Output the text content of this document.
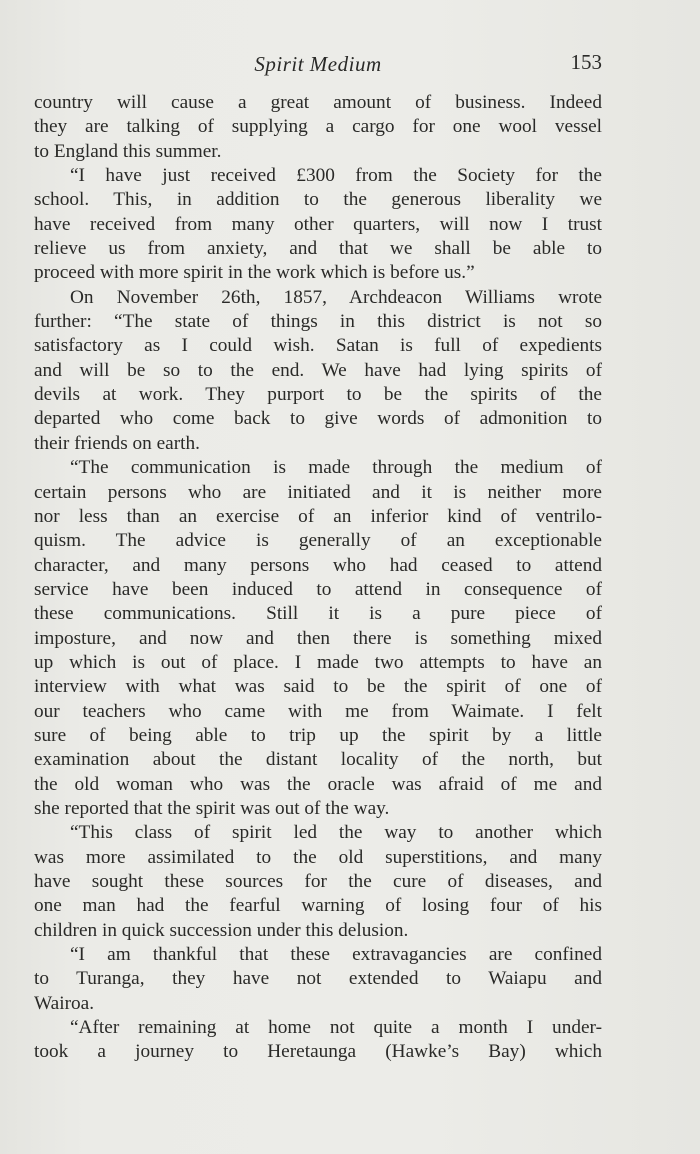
Spirit Medium	153
country will cause a great amount of business. Indeed
they are talking of supplying a cargo for one wool vessel
to England this summer.
“I have just received £300 from the Society for the
school. This, in addition to the generous liberality we
have received from many other quarters, will now I trust
relieve us from anxiety, and that we shall be able to
proceed with more spirit in the work which is before us.”
On November 26th, 1857, Archdeacon Williams wrote
further: “The state of things in this district is not so
satisfactory as I could wish. Satan is full of expedients
and will be so to the end. We have had lying spirits of
devils at work. They purport to be the spirits of the
departed who come back to give words of admonition to
their friends on earth.
“The communication is made through the medium of
certain persons who are initiated and it is neither more
nor less than an exercise of an inferior kind of ventrilo-
quism. The advice is generally of an exceptionable
character, and many persons who had ceased to attend
service have been induced to attend in consequence of
these communications. Still it is a pure piece of
imposture, and now and then there is something mixed
up which is out of place. I made two attempts to have an
interview with what was said to be the spirit of one of
our teachers who came with me from Waimate. I felt
sure of being able to trip up the spirit by a little
examination about the distant locality of the north, but
the old woman who was the oracle was afraid of me and
she reported that the spirit was out of the way.
“This class of spirit led the way to another which
was more assimilated to the old superstitions, and many
have sought these sources for the cure of diseases, and
one man had the fearful warning of losing four of his
children in quick succession under this delusion.
“I am thankful that these extravagancies are confined
to Turanga, they have not extended to Waiapu and
Wairoa.
“After remaining at home not quite a month I under-
took a journey to Heretaunga (Hawke’s Bay) which
